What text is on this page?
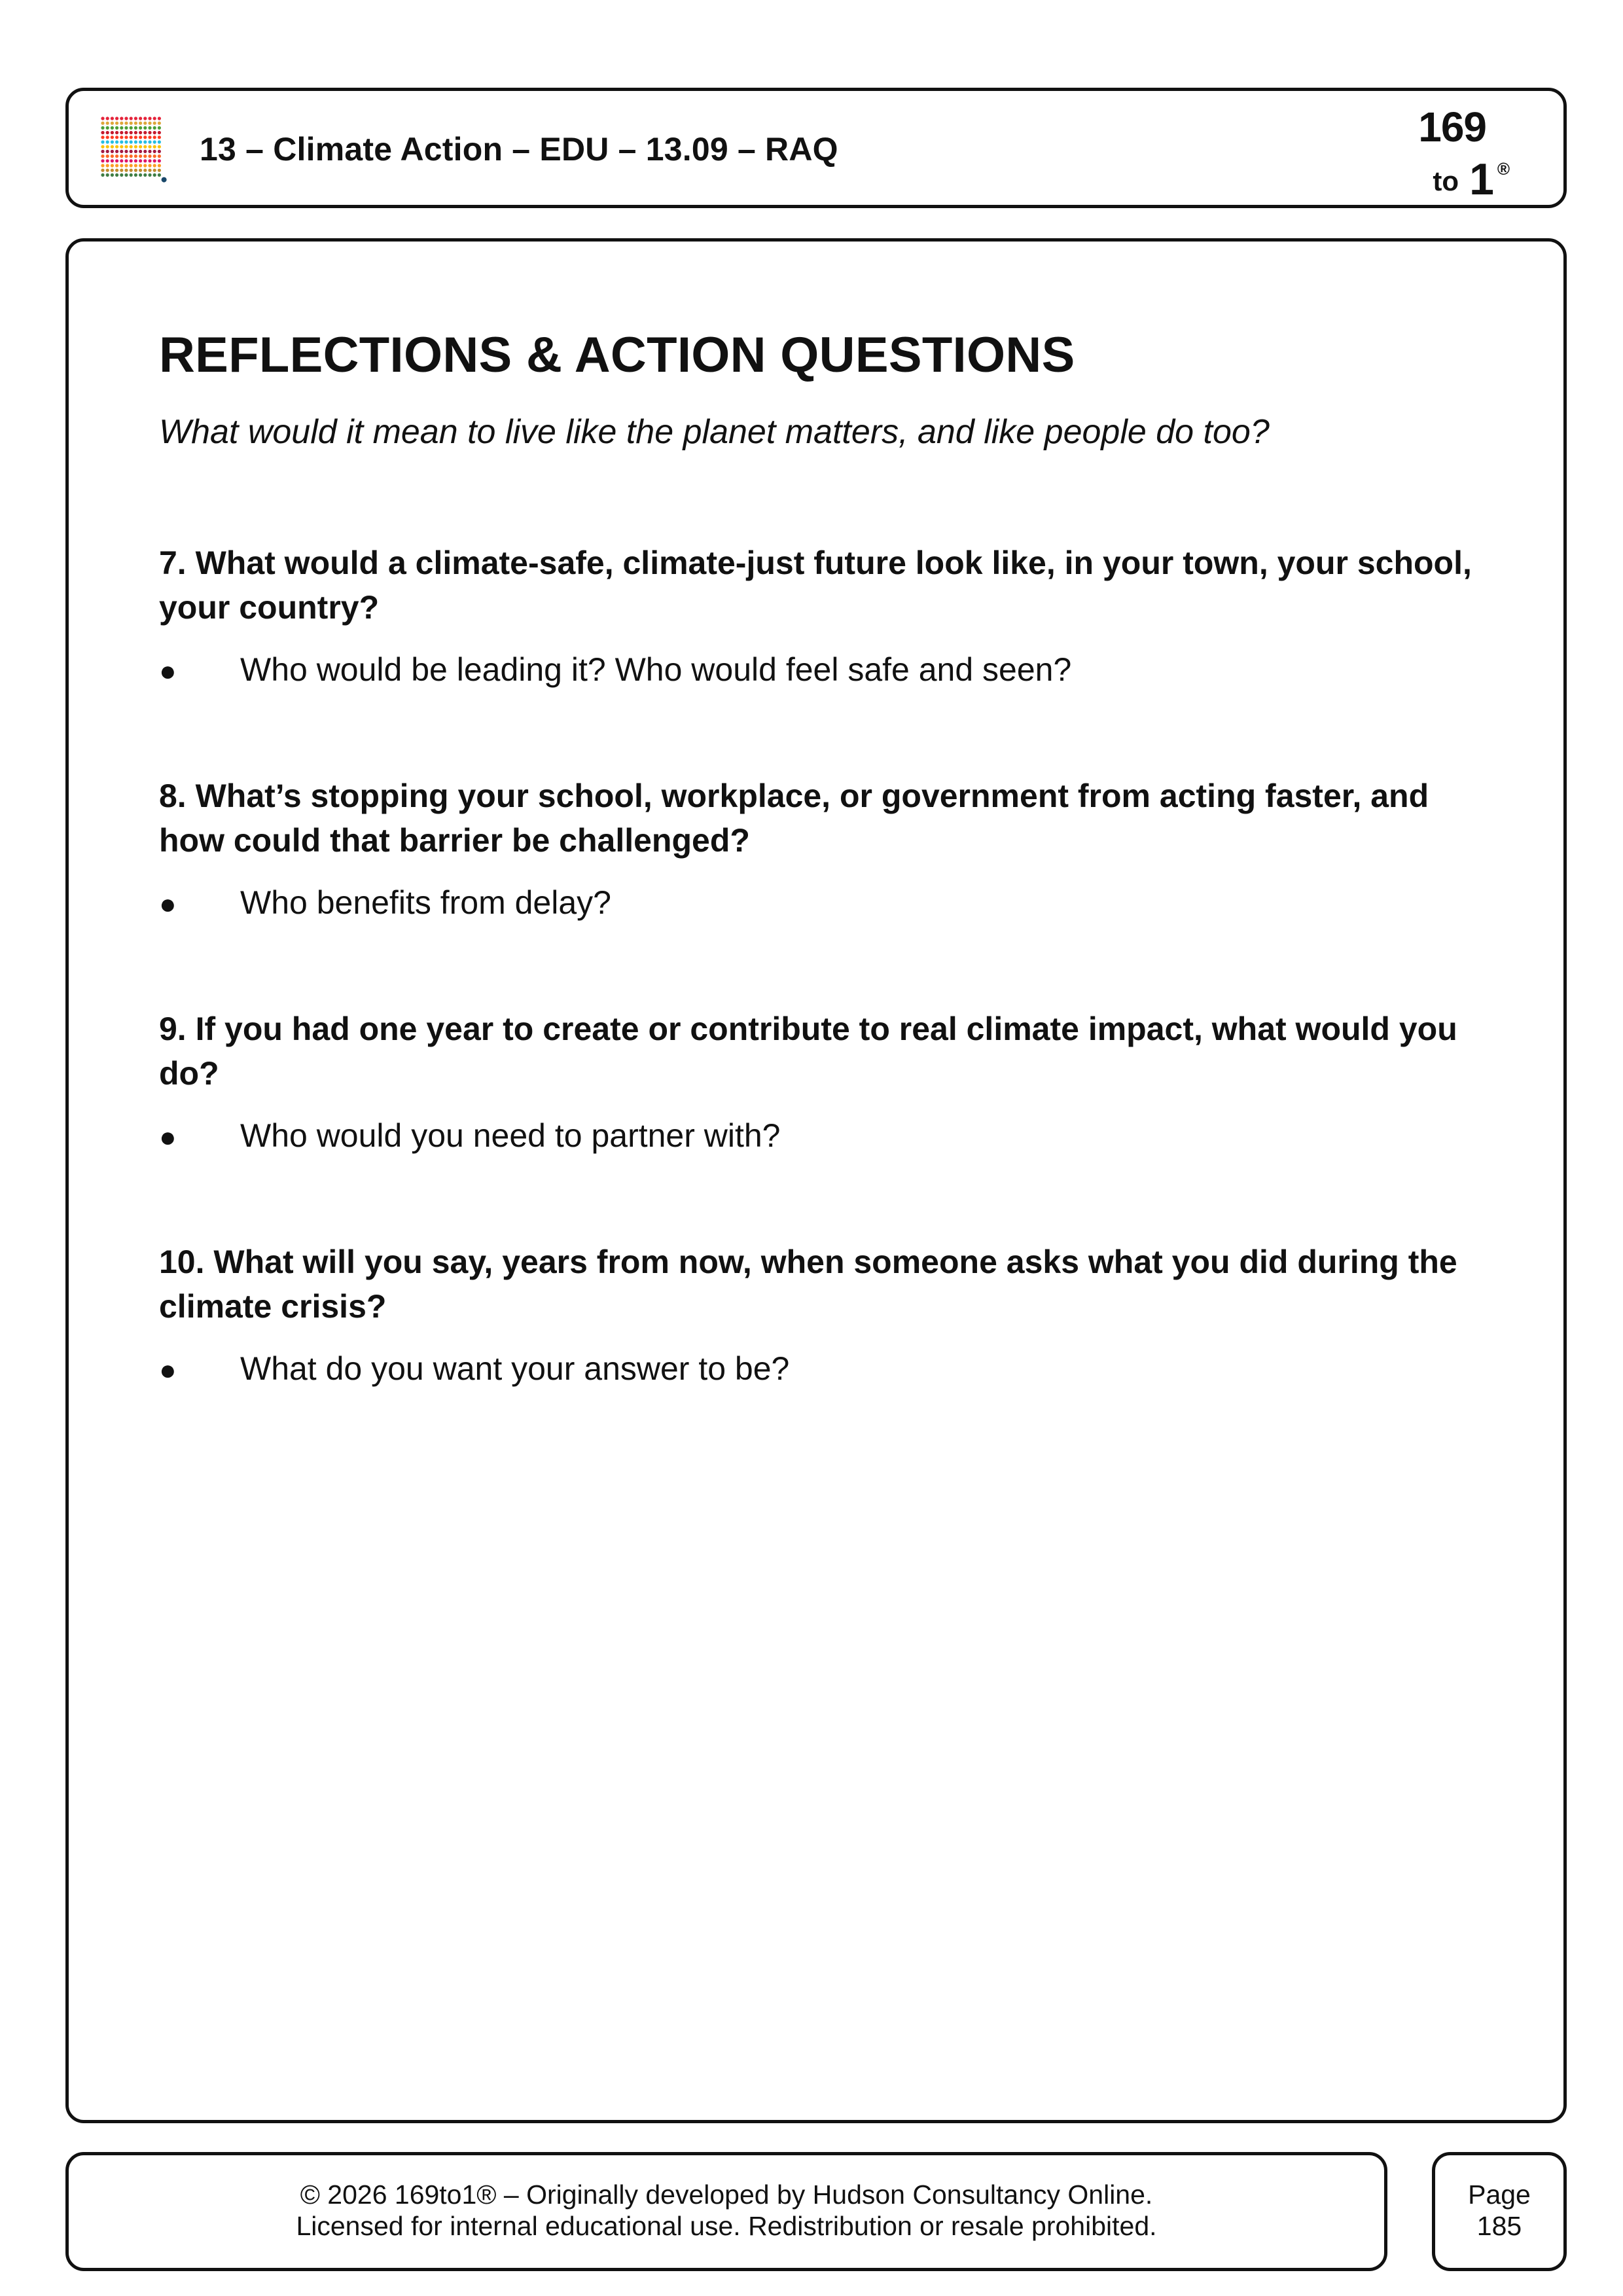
13 – Climate Action – EDU – 13.09 – RAQ	169
to 1 ®
REFLECTIONS & ACTION QUESTIONS

What would it mean to live like the planet matters, and like people do too?

7. What would a climate-safe, climate-just future look like, in your town, your school, your country?

●	Who would be leading it? Who would feel safe and seen?

8. What’s stopping your school, workplace, or government from acting faster, and how could that barrier be challenged?

●	Who benefits from delay?

9. If you had one year to create or contribute to real climate impact, what would you do?

●	Who would you need to partner with?

10. What will you say, years from now, when someone asks what you did during the climate crisis?

●	What do you want your answer to be?
© 2026 169to1® – Originally developed by Hudson Consultancy Online.
Licensed for internal educational use. Redistribution or resale prohibited.
Page
185
